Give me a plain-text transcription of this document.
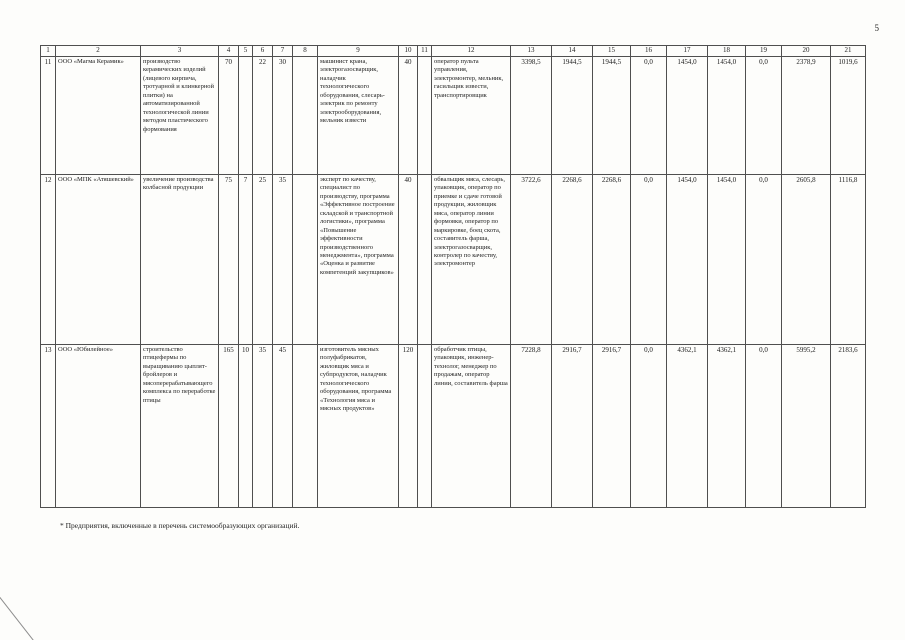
5
1	2	3	4	5	6	7	8	9	10	11	12	13	14	15	16	17	18	19	20	21
11	ООО «Магма Керамик»	производство керамических изделий (лицевого кирпича, тротуарной и клинкерной плитки) на автоматизированной технологической линии методом пластического формования	70		22	30		машинист крана, электрогазосварщик, наладчик технологического оборудования, слесарь-электрик по ремонту электрооборудования, мельник извести	40		оператор пульта управления, электромонтер, мельник, гасильщик извести, транспортировщик	3398,5	1944,5	1944,5	0,0	1454,0	1454,0	0,0	2378,9	1019,6
12	ООО «МПК «Атяшевский»	увеличение производства колбасной продукции	75	7	25	35		эксперт по качеству, специалист по производству, программа «Эффективное построение складской и транспортной логистики», программа «Повышение эффективности производственного менеджмента», программа «Оценка и развитие компетенций закупщиков»	40		обвальщик мяса, слесарь, упаковщик, оператор по приемке и сдаче готовой продукции, жиловщик мяса, оператор линии формовки, оператор по маркировке, боец скота, составитель фарша, электрогазосварщик, контролер по качеству, электромонтер	3722,6	2268,6	2268,6	0,0	1454,0	1454,0	0,0	2605,8	1116,8
13	ООО «Юбилейное»	строительство птицефермы по выращиванию цыплят-бройлеров и мясоперерабатывающего комплекса по переработке птицы	165	10	35	45		изготовитель мясных полуфабрикатов, жиловщик мяса и субпродуктов, наладчик технологического оборудования, программа «Технология мяса и мясных продуктов»	120		обработчик птицы, упаковщик, инженер-технолог, менеджер по продажам, оператор линии, составитель фарша	7228,8	2916,7	2916,7	0,0	4362,1	4362,1	0,0	5995,2	2183,6
* Предприятия, включенные в перечень системообразующих организаций.
